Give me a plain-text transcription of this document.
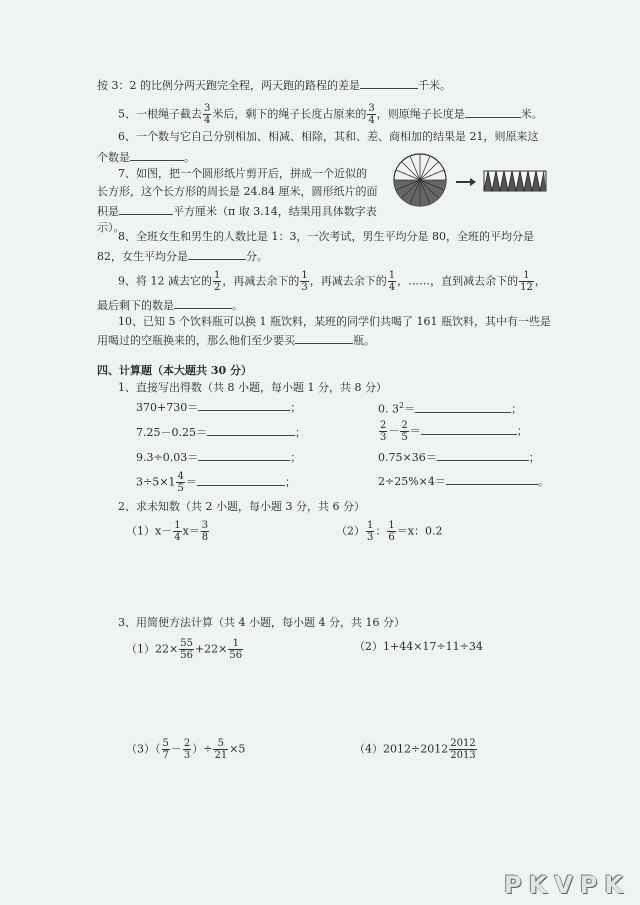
按 3：2 的比例分两天跑完全程，两天跑的路程的差是	千米。
5、一根绳子截去 $\frac{3}{4}$ 米后，剩下的绳子长度占原来的 $\frac{3}{4}$ ，则原绳子长度是	米。
6、一个数与它自己分别相加、相减、相除，其和、差、商相加的结果是 21，则原来这
个数是	。
7、如图，把一个圆形纸片剪开后，拼成一个近似的
长方形，这个长方形的周长是 24.84 厘米，圆形纸片的面
积是	平方厘米（π 取 3.14，结果用具体数字表
示）。
8、全班女生和男生的人数比是 1：3，一次考试，男生平均分是 80，全班的平均分是
82，女生平均分是	分。
9、将 12 减去它的 $\frac{1}{2}$ ，再减去余下的 $\frac{1}{3}$ ，再减去余下的 $\frac{1}{4}$ ，……，直到减去余下的 $\frac{1}{12}$ ，
最后剩下的数是	。
10、已知 5 个饮料瓶可以换 1 瓶饮料，某班的同学们共喝了 161 瓶饮料，其中有一些是
用喝过的空瓶换来的，那么他们至少要买	瓶。
四、计算题（本大题共 30 分）
1、直接写出得数（共 8 小题，每小题 1 分，共 8 分）
370+730＝	；	0. $3^2=$	；
7.25－0.25＝	；	$\frac{2}{3} - \frac{2}{5}$ ＝	；
9.3÷0.03＝	；	0.75×36＝	；
$3\div 5\times 1 \frac{4}{5}$ ＝	；	2÷25%×4＝	。
2、求未知数（共 2 小题，每小题 3 分，共 6 分）
$(1)x- \frac{1}{4} x= \frac{3}{8}$	$(2) \frac{1}{3}$ ： $\frac{1}{6} =x$：0.2
3、用简便方法计算（共 4 小题，每小题 4 分，共 16 分）
$(1)22\times \frac{55}{56} +22\times \frac{1}{56}$	（2）1+44×17÷11÷34
$(3)( \frac{5}{7} - \frac{2}{3}$ ）÷ $\frac{5}{21} \times 5$	$(4)2012\div 2012 \frac{2012}{2013}$
PKVPK
